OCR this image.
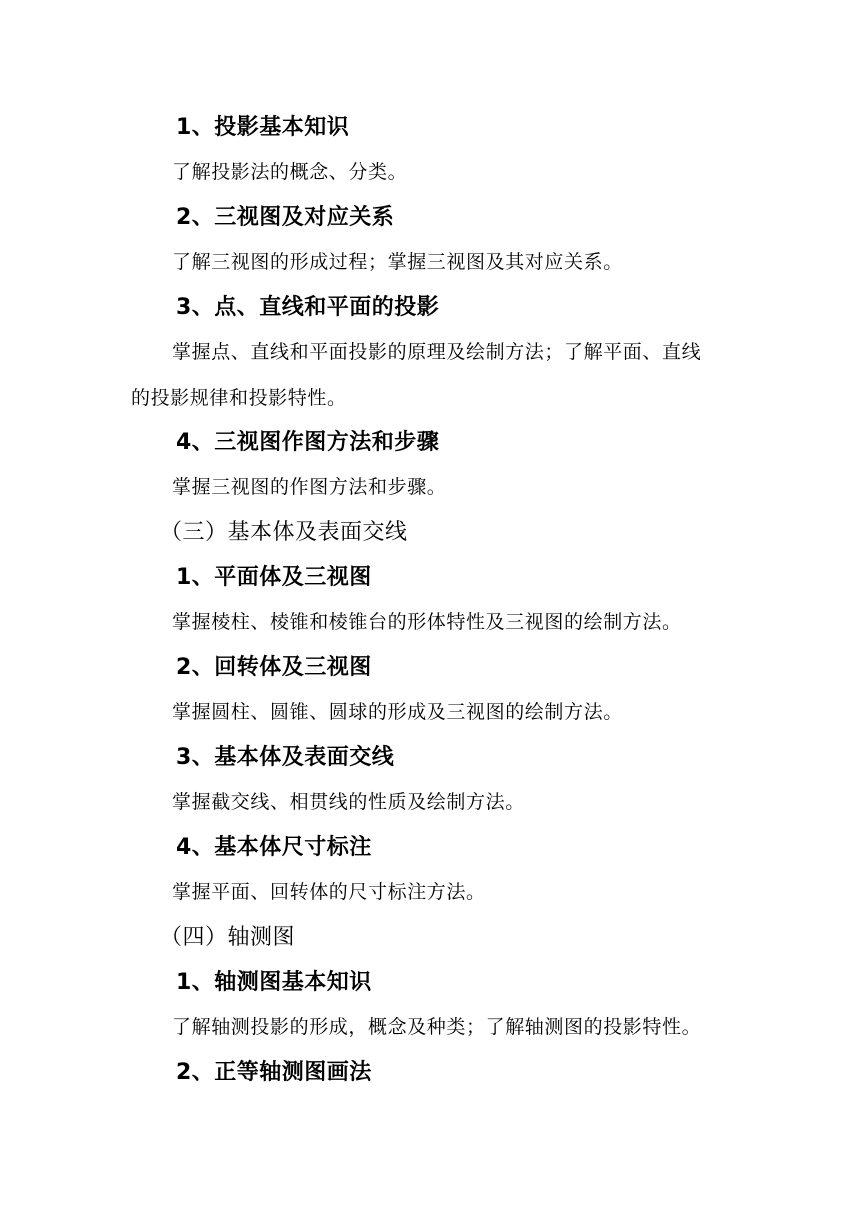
1、投影基本知识
了解投影法的概念、分类。
2、三视图及对应关系
了解三视图的形成过程；掌握三视图及其对应关系。
3、点、直线和平面的投影
掌握点、直线和平面投影的原理及绘制方法；了解平面、直线
的投影规律和投影特性。
4、三视图作图方法和步骤
掌握三视图的作图方法和步骤。
（三）基本体及表面交线
1、平面体及三视图
掌握棱柱、棱锥和棱锥台的形体特性及三视图的绘制方法。
2、回转体及三视图
掌握圆柱、圆锥、圆球的形成及三视图的绘制方法。
3、基本体及表面交线
掌握截交线、相贯线的性质及绘制方法。
4、基本体尺寸标注
掌握平面、回转体的尺寸标注方法。
（四）轴测图
1、轴测图基本知识
了解轴测投影的形成，概念及种类；了解轴测图的投影特性。
2、正等轴测图画法
